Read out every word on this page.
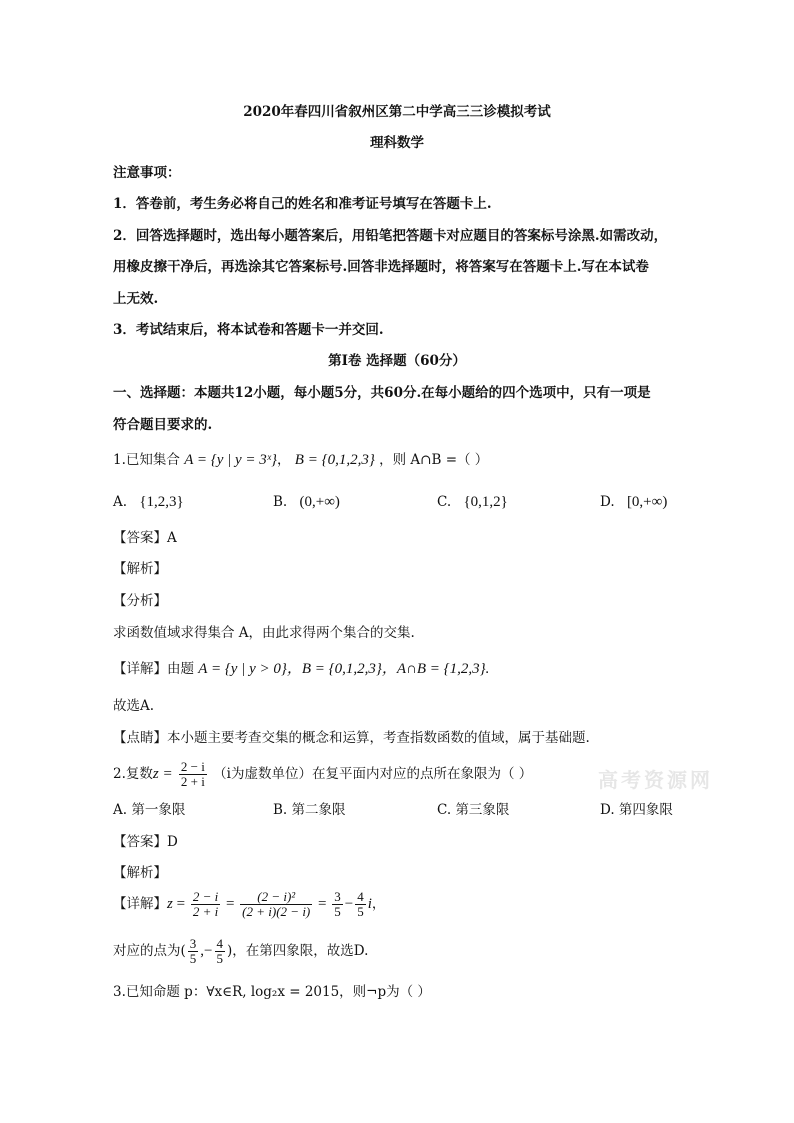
2020年春四川省叙州区第二中学高三三诊模拟考试
理科数学
注意事项：
1．答卷前，考生务必将自己的姓名和准考证号填写在答题卡上.
2．回答选择题时，选出每小题答案后，用铅笔把答题卡对应题目的答案标号涂黑.如需改动，
用橡皮擦干净后，再选涂其它答案标号.回答非选择题时，将答案写在答题卡上.写在本试卷
上无效.
3．考试结束后，将本试卷和答题卡一并交回.
第Ⅰ卷 选择题（60分）
一、选择题：本题共12小题，每小题5分，共60分.在每小题给的四个选项中，只有一项是
符合题目要求的.
1.已知集合 A = {y | y = 3ˣ}， B = {0,1,2,3} ，则 A∩B =（ ）
A. {1,2,3}	B. (0,+∞)	C. {0,1,2}	D. [0,+∞)
【答案】A
【解析】
【分析】
求函数值域求得集合 A，由此求得两个集合的交集.
【详解】由题 A = {y | y > 0}，B = {0,1,2,3}，A∩B = {1,2,3}.
故选A.
【点睛】本小题主要考查交集的概念和运算，考查指数函数的值域，属于基础题.
2.复数$z = \frac{2 - i}{2 + i} (i$为虚数单位）在复平面内对应的点所在象限为（ ）
A. 第一象限	B. 第二象限	C. 第三象限	D. 第四象限
【答案】D
【解析】
【详解】$z = \frac{2 - i}{2 + i} = \frac{\text{(2 − i)²}}{(2 + i)(2 - i)} = \frac{3}{5} - \frac{4}{5}$ i，
对应的点为( $\frac{3}{5}$ ,− $\frac{4}{5}$ )，在第四象限，故选D.
3.已知命题 p：∀x∈R, log₂x = 2015，则¬p为（ ）
高考资源网
